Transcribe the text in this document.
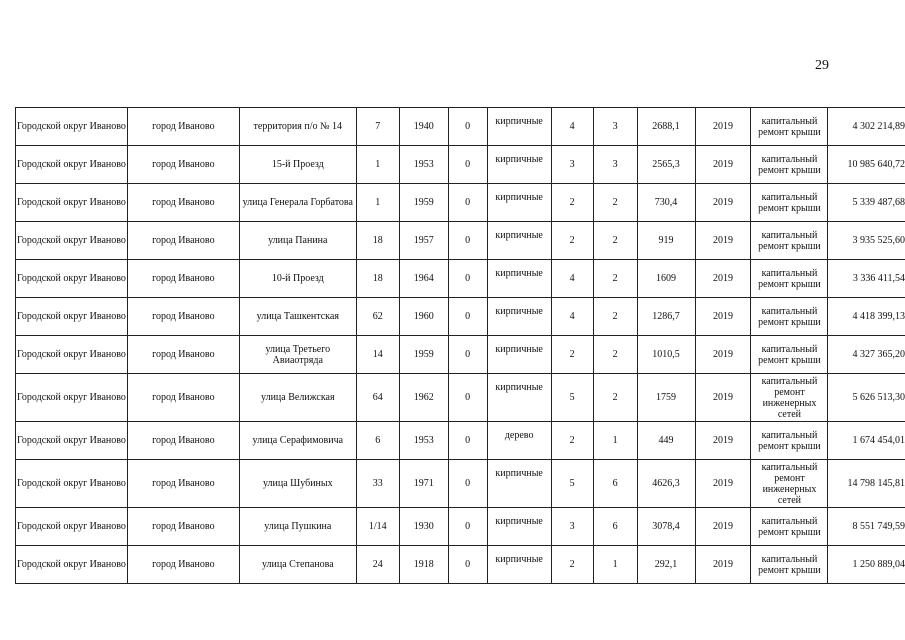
29
Городской округ Иваново	город Иваново	территория п/о № 14	7	1940	0	кирпичные	4	3	2688,1	2019	капитальный ремонт крыши	4 302 214,89
Городской округ Иваново	город Иваново	15-й Проезд	1	1953	0	кирпичные	3	3	2565,3	2019	капитальный ремонт крыши	10 985 640,72
Городской округ Иваново	город Иваново	улица Генерала Горбатова	1	1959	0	кирпичные	2	2	730,4	2019	капитальный ремонт крыши	5 339 487,68
Городской округ Иваново	город Иваново	улица Панина	18	1957	0	кирпичные	2	2	919	2019	капитальный ремонт крыши	3 935 525,60
Городской округ Иваново	город Иваново	10-й Проезд	18	1964	0	кирпичные	4	2	1609	2019	капитальный ремонт крыши	3 336 411,54
Городской округ Иваново	город Иваново	улица Ташкентская	62	1960	0	кирпичные	4	2	1286,7	2019	капитальный ремонт крыши	4 418 399,13
Городской округ Иваново	город Иваново	улица Третьего Авиаотряда	14	1959	0	кирпичные	2	2	1010,5	2019	капитальный ремонт крыши	4 327 365,20
Городской округ Иваново	город Иваново	улица Велижская	64	1962	0	кирпичные	5	2	1759	2019	капитальный ремонт инженерных сетей	5 626 513,30
Городской округ Иваново	город Иваново	улица Серафимовича	6	1953	0	дерево	2	1	449	2019	капитальный ремонт крыши	1 674 454,01
Городской округ Иваново	город Иваново	улица Шубиных	33	1971	0	кирпичные	5	6	4626,3	2019	капитальный ремонт инженерных сетей	14 798 145,81
Городской округ Иваново	город Иваново	улица Пушкина	1/14	1930	0	кирпичные	3	6	3078,4	2019	капитальный ремонт крыши	8 551 749,59
Городской округ Иваново	город Иваново	улица Степанова	24	1918	0	кирпичные	2	1	292,1	2019	капитальный ремонт крыши	1 250 889,04
